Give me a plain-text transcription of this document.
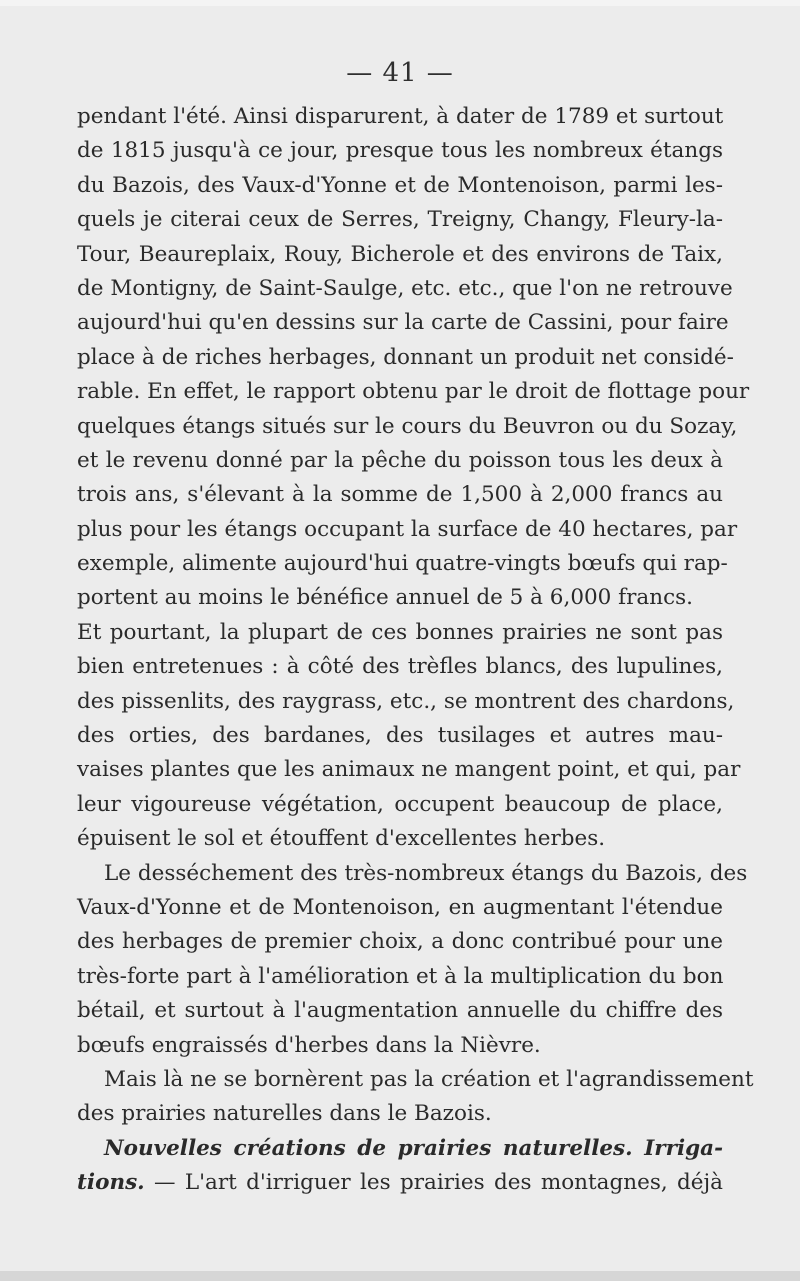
— 41 —
pendant l'été. Ainsi disparurent, à dater de 1789 et surtout
de 1815 jusqu'à ce jour, presque tous les nombreux étangs
du Bazois, des Vaux-d'Yonne et de Montenoison, parmi les-
quels je citerai ceux de Serres, Treigny, Changy, Fleury-la-
Tour, Beaureplaix, Rouy, Bicherole et des environs de Taix,
de Montigny, de Saint-Saulge, etc. etc., que l'on ne retrouve
aujourd'hui qu'en dessins sur la carte de Cassini, pour faire
place à de riches herbages, donnant un produit net considé-
rable. En effet, le rapport obtenu par le droit de flottage pour
quelques étangs situés sur le cours du Beuvron ou du Sozay,
et le revenu donné par la pêche du poisson tous les deux à
trois ans, s'élevant à la somme de 1,500 à 2,000 francs au
plus pour les étangs occupant la surface de 40 hectares, par
exemple, alimente aujourd'hui quatre-vingts bœufs qui rap-
portent au moins le bénéfice annuel de 5 à 6,000 francs.
Et pourtant, la plupart de ces bonnes prairies ne sont pas
bien entretenues : à côté des trèfles blancs, des lupulines,
des pissenlits, des raygrass, etc., se montrent des chardons,
des orties, des bardanes, des tusilages et autres mau-
vaises plantes que les animaux ne mangent point, et qui, par
leur vigoureuse végétation, occupent beaucoup de place,
épuisent le sol et étouffent d'excellentes herbes.
Le desséchement des très-nombreux étangs du Bazois, des
Vaux-d'Yonne et de Montenoison, en augmentant l'étendue
des herbages de premier choix, a donc contribué pour une
très-forte part à l'amélioration et à la multiplication du bon
bétail, et surtout à l'augmentation annuelle du chiffre des
bœufs engraissés d'herbes dans la Nièvre.
Mais là ne se bornèrent pas la création et l'agrandissement
des prairies naturelles dans le Bazois.
Nouvelles créations de prairies naturelles. Irriga-
tions. — L'art d'irriguer les prairies des montagnes, déjà
